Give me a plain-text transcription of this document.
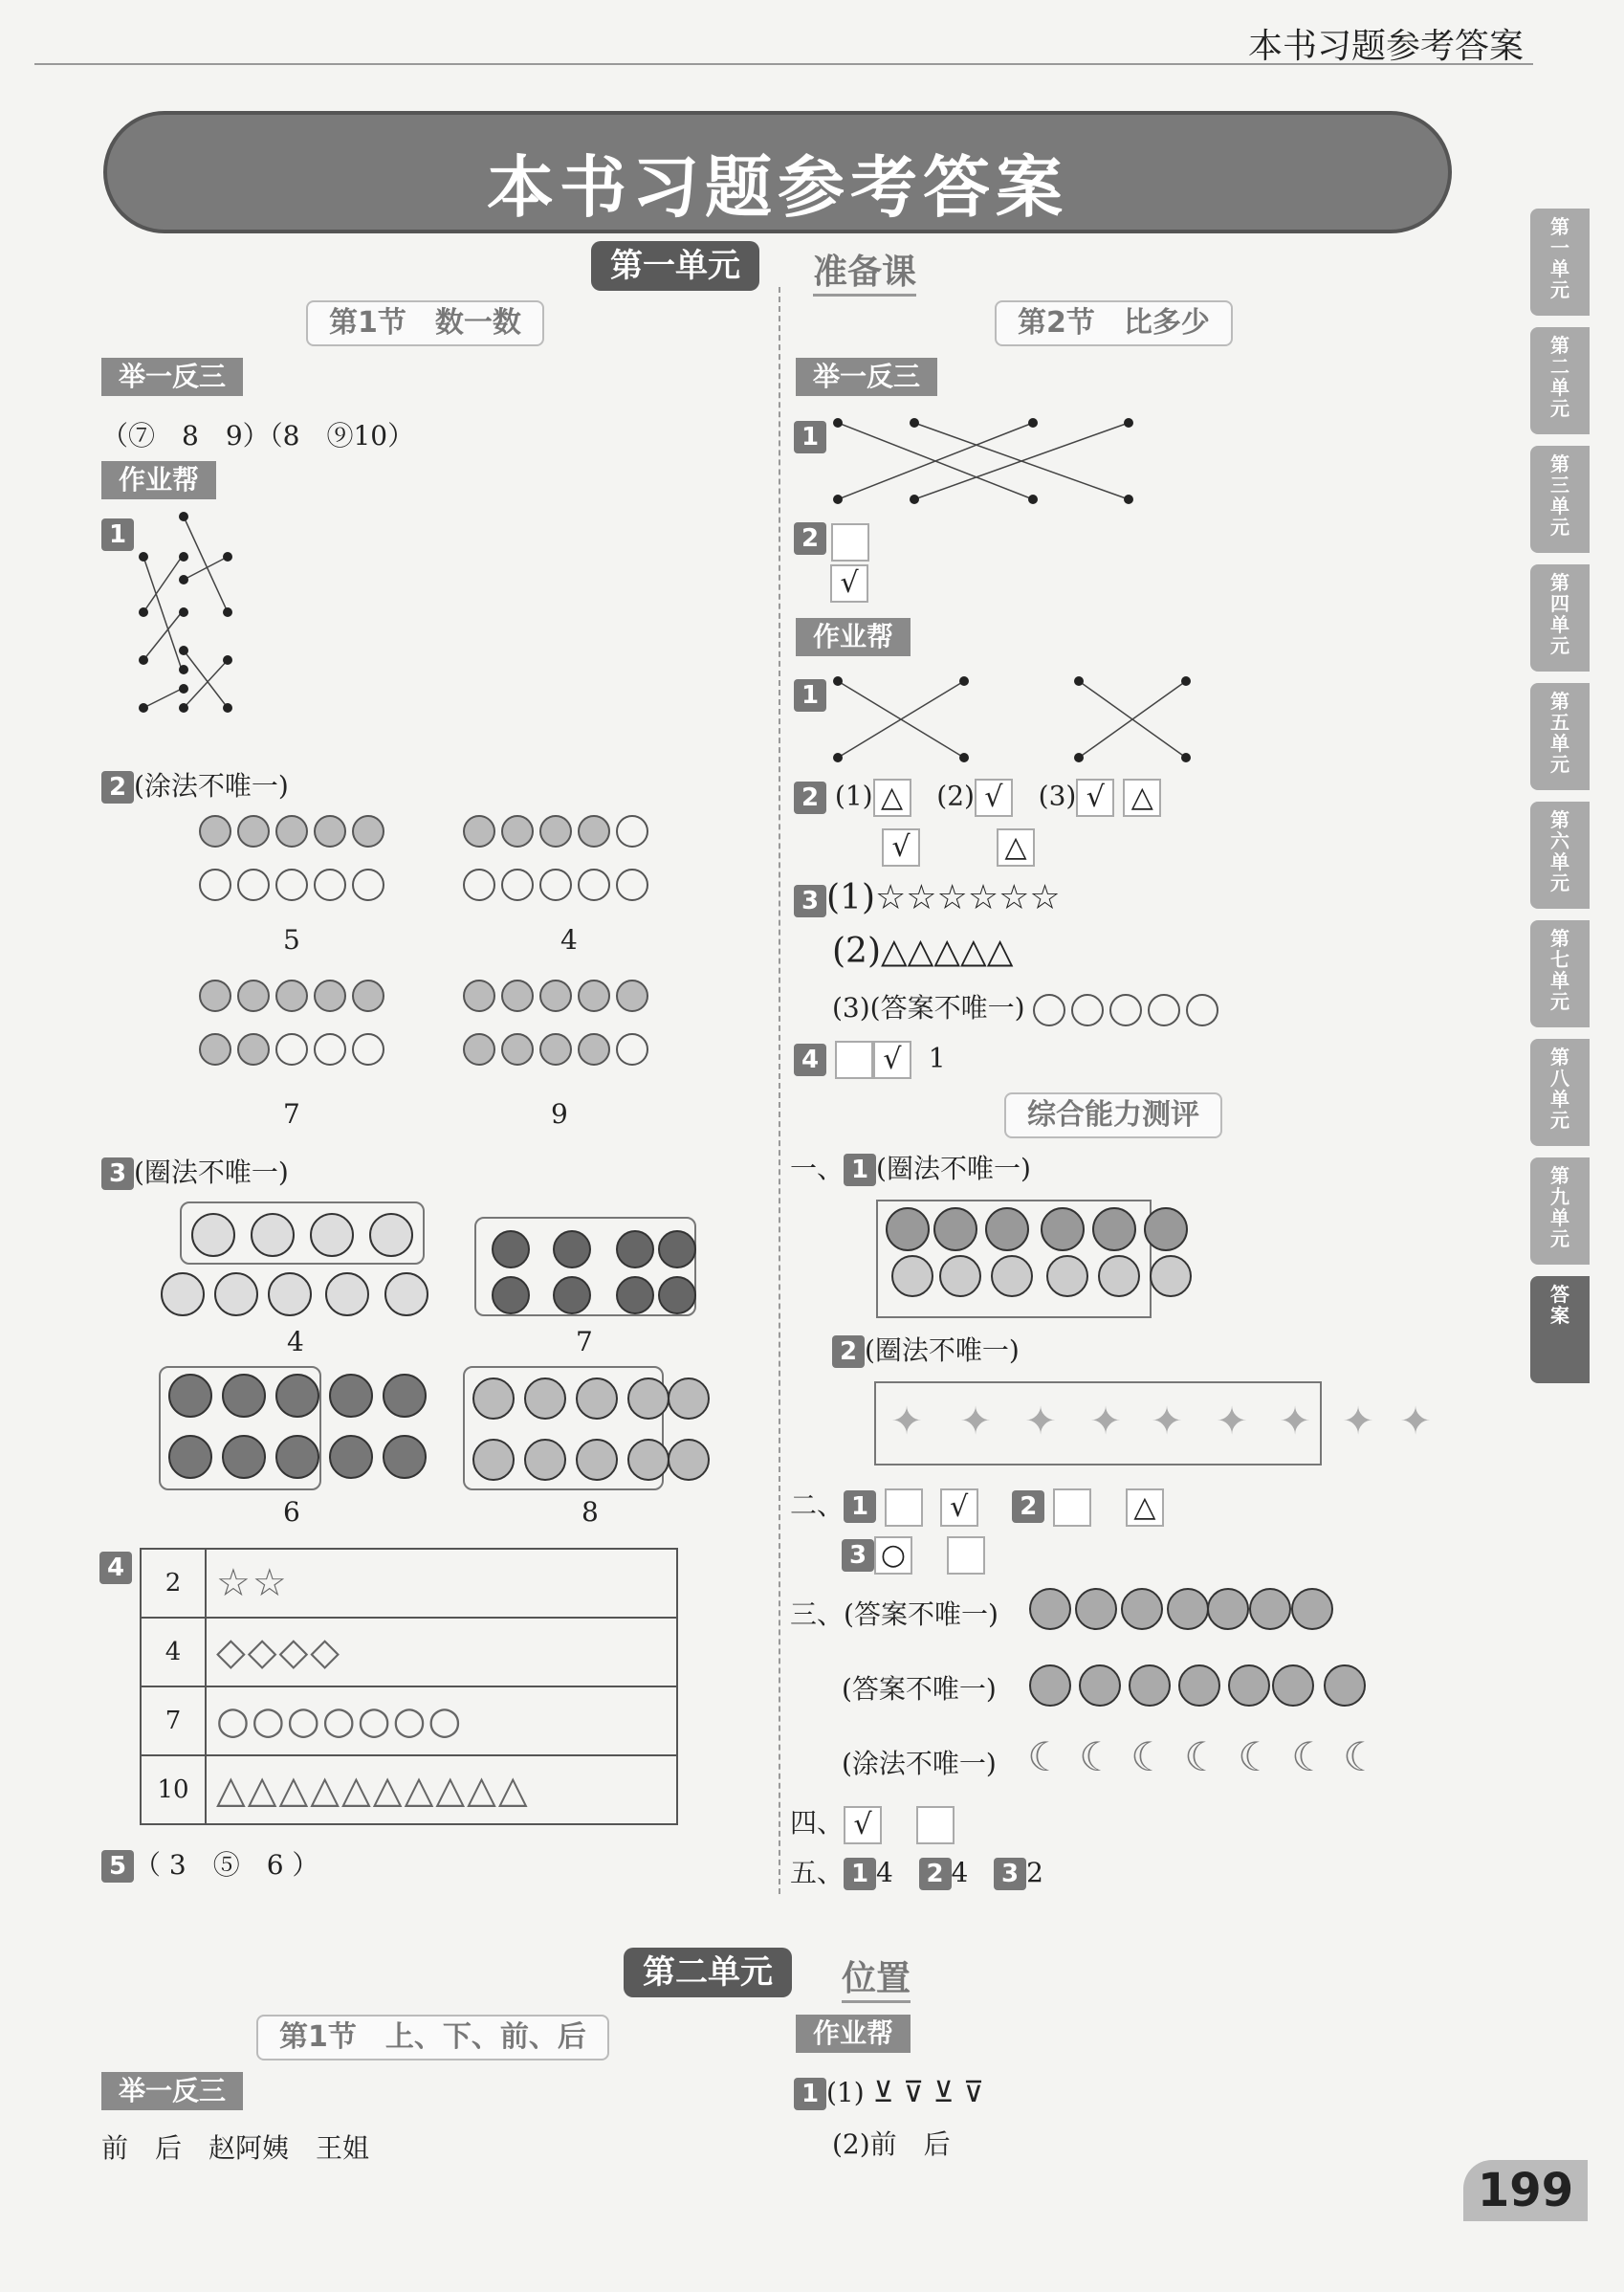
本书习题参考答案
本书习题参考答案	第
一
单
元
第
二
单
元
第
三
单
元
第
四
单
元
第
五
单
元
第
六
单
元
第
七
单
元
第
八
单
元
第
九
单
元
答
案
第一单元	准备课
第1节　数一数
举一反三
（⑦　8　9）（8　⑨10）
作业帮
1
2 (涂法不唯一)
5	4
7	9
3 (圈法不唯一)
4	7
6	8
4
2	☆☆
4	◇◇◇◇
7	○○○○○○○
10	△△△△△△△△△△
5 （ 3　⑤　6 ）
第2节　比多少
举一反三
1
2
√
作业帮
1
2 (1) △ (2) √ (3) √ △
√	△
3 (1)☆☆☆☆☆☆
(2)△△△△△
(3)(答案不唯一)
4 √ 1
综合能力测评
一、 1 (圈法不唯一)
2 (圈法不唯一)
✦ ✦ ✦ ✦ ✦ ✦ ✦ ✦ ✦
二、 1	√ 2	△
3 ○
三、(答案不唯一)
(答案不唯一)
(涂法不唯一) ☾ ☾ ☾ ☾ ☾ ☾ ☾
四、 √
五、 1 4 2 4 3 2
第二单元	位置
第1节　上、下、前、后
举一反三
前　后　赵阿姨　王姐
作业帮
1 (1) ⊻ ⊽ ⊻ ⊽
(2)前　后
199
